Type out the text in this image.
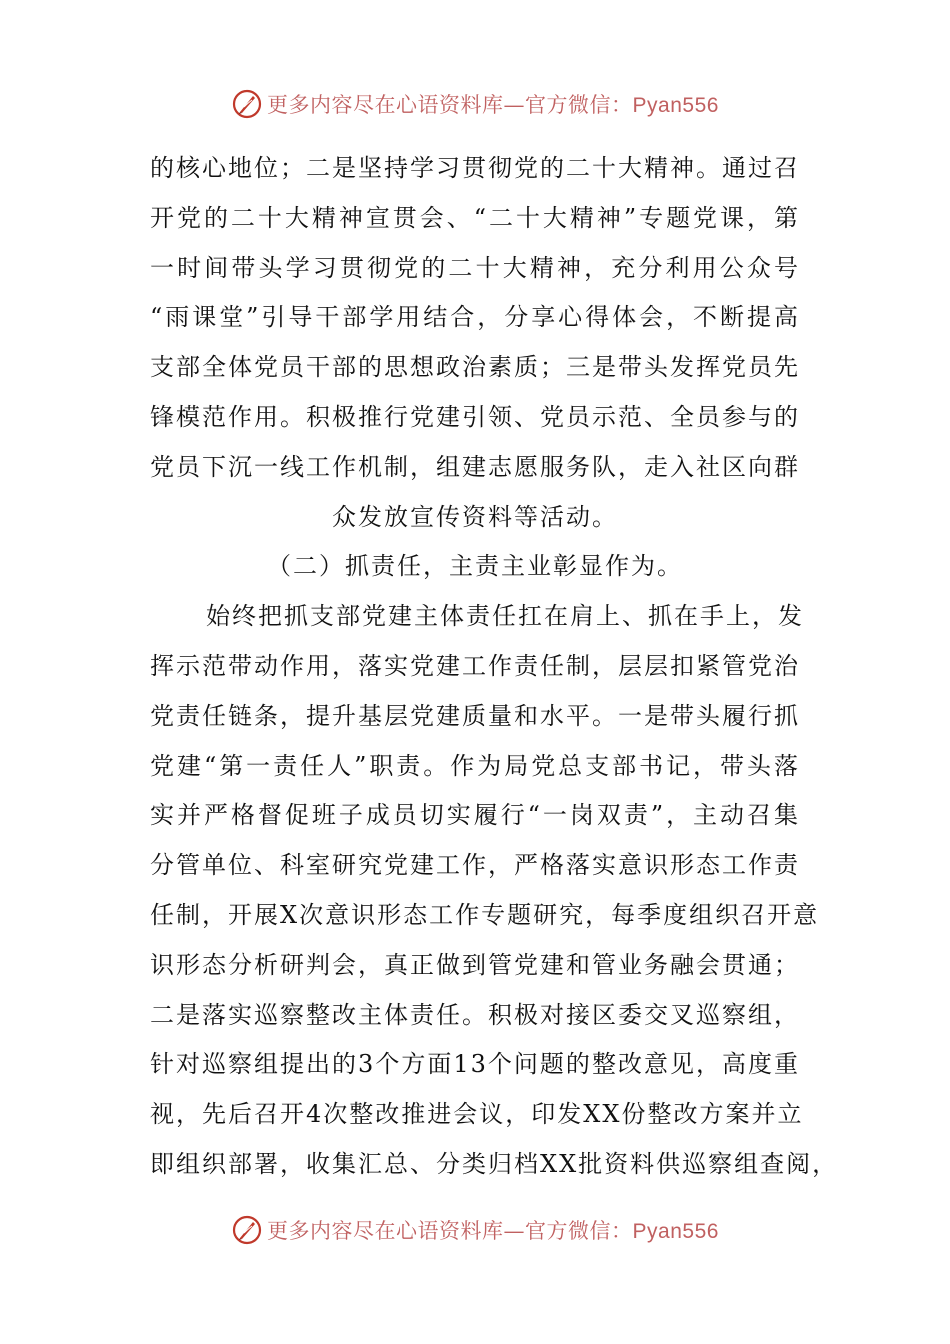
更多内容尽在心语资料库—官方微信：Pyan556
的核心地位；二是坚持学习贯彻党的二十大精神。通过召
开党的二十大精神宣贯会、“二十大精神”专题党课，第
一时间带头学习贯彻党的二十大精神，充分利用公众号
“雨课堂”引导干部学用结合，分享心得体会，不断提高
支部全体党员干部的思想政治素质；三是带头发挥党员先
锋模范作用。积极推行党建引领、党员示范、全员参与的
党员下沉一线工作机制，组建志愿服务队，走入社区向群
众发放宣传资料等活动。
（二）抓责任，主责主业彰显作为。
始终把抓支部党建主体责任扛在肩上、抓在手上，发
挥示范带动作用，落实党建工作责任制，层层扣紧管党治
党责任链条，提升基层党建质量和水平。一是带头履行抓
党建“第一责任人”职责。作为局党总支部书记，带头落
实并严格督促班子成员切实履行“一岗双责”，主动召集
分管单位、科室研究党建工作，严格落实意识形态工作责
任制，开展X次意识形态工作专题研究，每季度组织召开意
识形态分析研判会，真正做到管党建和管业务融会贯通；
二是落实巡察整改主体责任。积极对接区委交叉巡察组，
针对巡察组提出的3个方面13个问题的整改意见，高度重
视，先后召开4次整改推进会议，印发XX份整改方案并立
即组织部署，收集汇总、分类归档XX批资料供巡察组查阅，
更多内容尽在心语资料库—官方微信：Pyan556
